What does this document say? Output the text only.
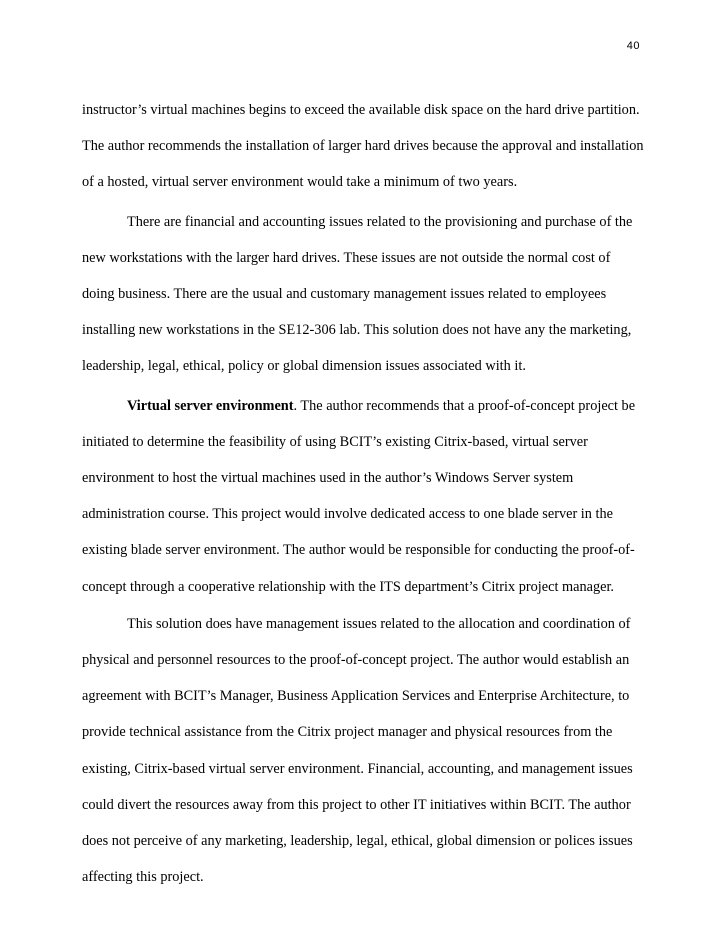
40

instructor’s virtual machines begins to exceed the available disk space on the hard drive partition. The author recommends the installation of larger hard drives because the approval and installation of a hosted, virtual server environment would take a minimum of two years.

There are financial and accounting issues related to the provisioning and purchase of the new workstations with the larger hard drives. These issues are not outside the normal cost of doing business. There are the usual and customary management issues related to employees installing new workstations in the SE12-306 lab. This solution does not have any the marketing, leadership, legal, ethical, policy or global dimension issues associated with it.

Virtual server environment. The author recommends that a proof-of-concept project be initiated to determine the feasibility of using BCIT’s existing Citrix-based, virtual server environment to host the virtual machines used in the author’s Windows Server system administration course. This project would involve dedicated access to one blade server in the existing blade server environment. The author would be responsible for conducting the proof-of-concept through a cooperative relationship with the ITS department’s Citrix project manager.

This solution does have management issues related to the allocation and coordination of physical and personnel resources to the proof-of-concept project. The author would establish an agreement with BCIT’s Manager, Business Application Services and Enterprise Architecture, to provide technical assistance from the Citrix project manager and physical resources from the existing, Citrix-based virtual server environment. Financial, accounting, and management issues could divert the resources away from this project to other IT initiatives within BCIT. The author does not perceive of any marketing, leadership, legal, ethical, global dimension or polices issues affecting this project.
